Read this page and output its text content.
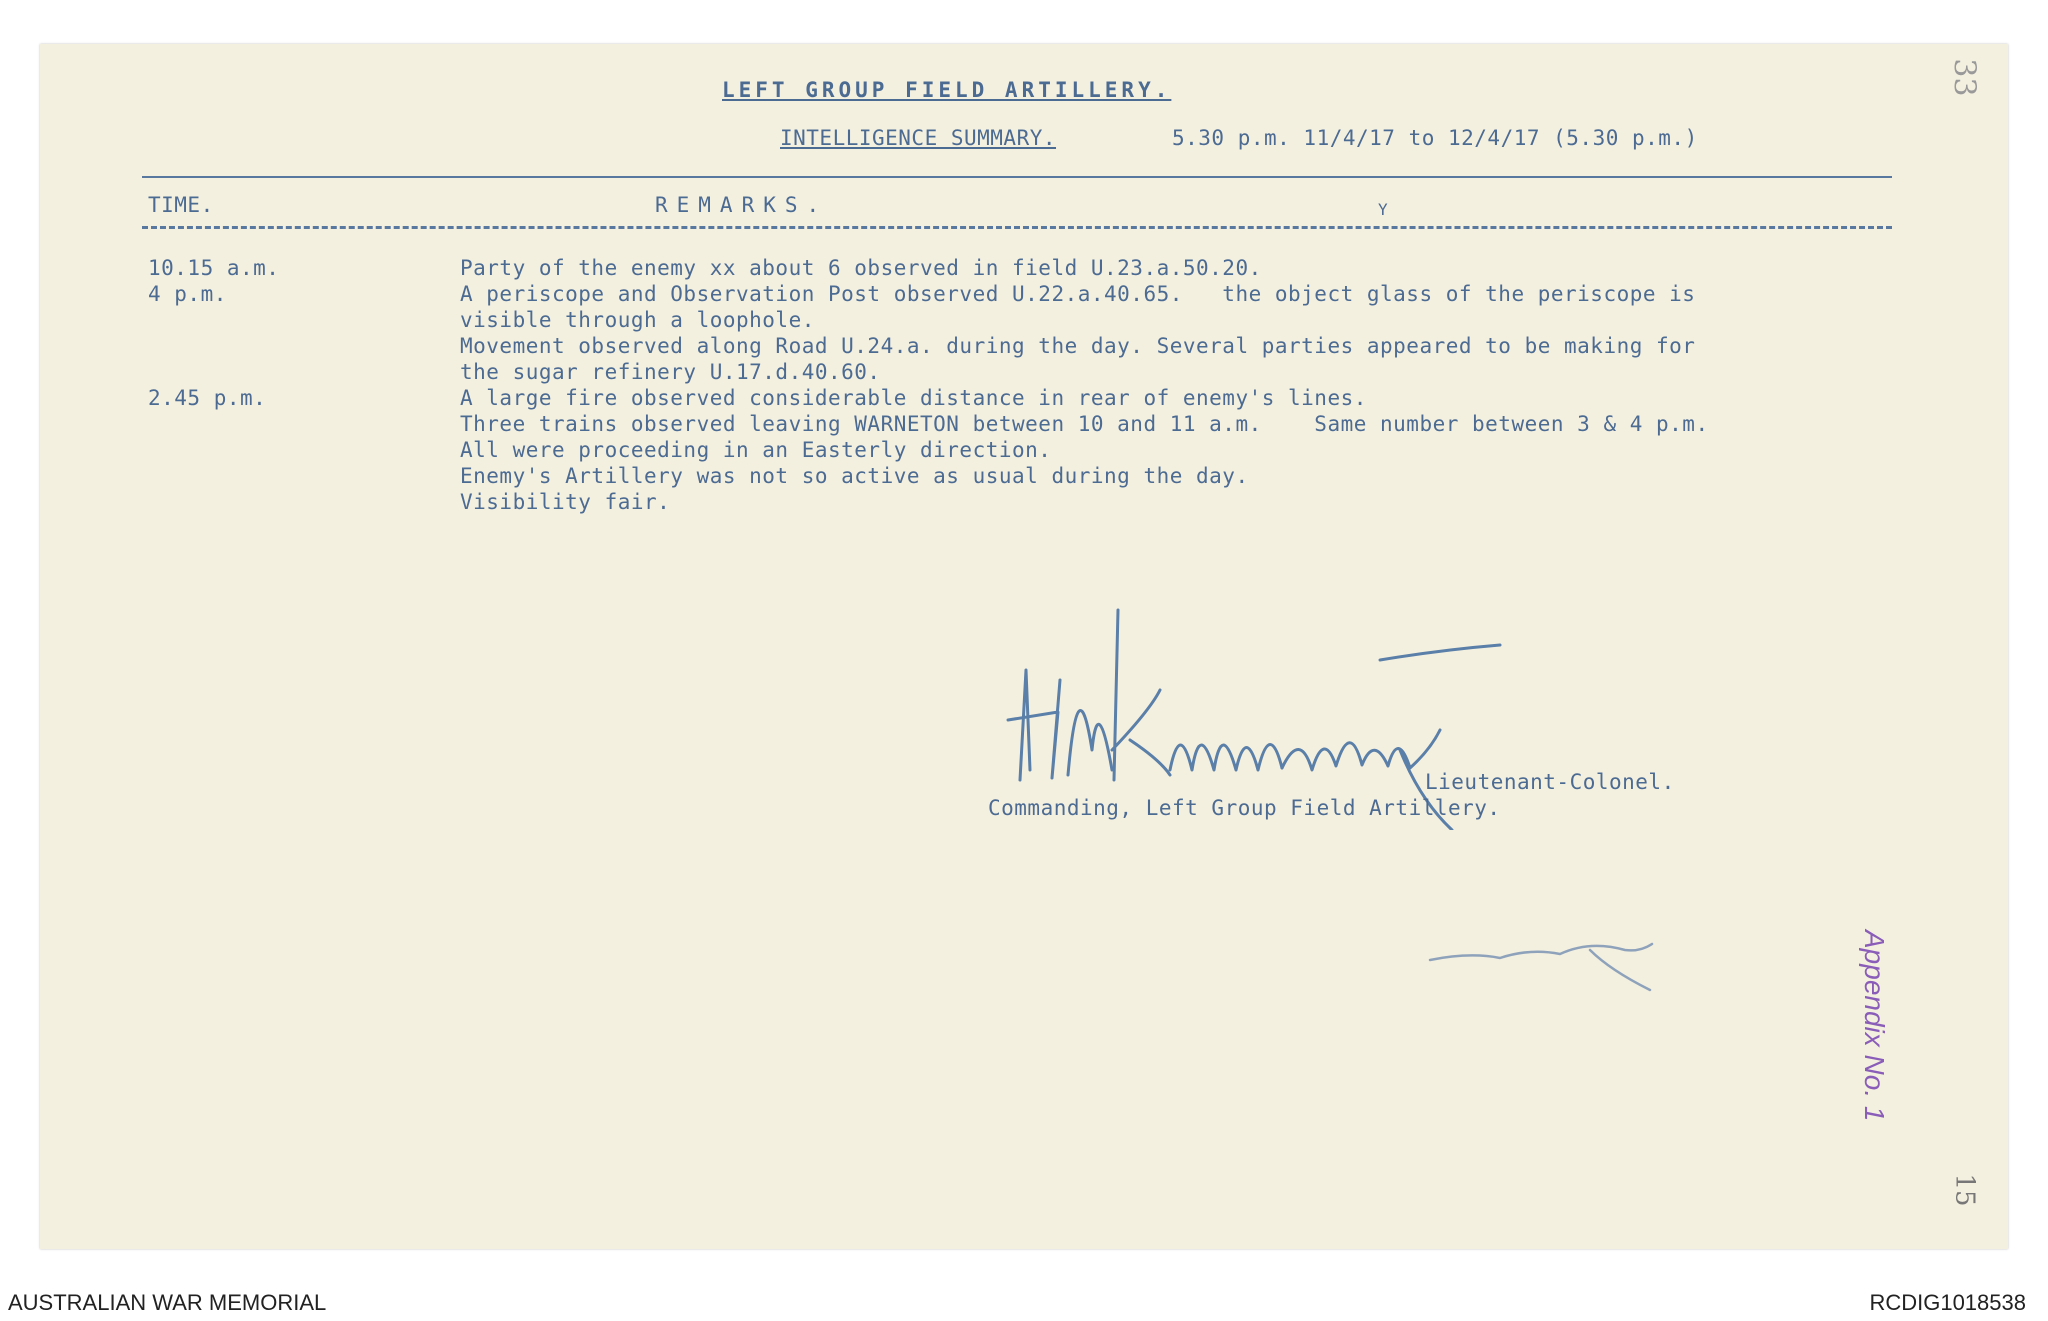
LEFT GROUP FIELD ARTILLERY.
INTELLIGENCE SUMMARY.	5.30 p.m. 11/4/17 to 12/4/17 (5.30 p.m.)
TIME.	REMARKS.	Y
10.15 a.m.	Party of the enemy xx about 6 observed in field U.23.a.50.20.
4 p.m.	A periscope and Observation Post observed U.22.a.40.65.   the object glass of the periscope is
visible through a loophole.
Movement observed along Road U.24.a. during the day. Several parties appeared to be making for
the sugar refinery U.17.d.40.60.
2.45 p.m.	A large fire observed considerable distance in rear of enemy's lines.
Three trains observed leaving WARNETON between 10 and 11 a.m.    Same number between 3 & 4 p.m.
All were proceeding in an Easterly direction.
Enemy's Artillery was not so active as usual during the day.
Visibility fair.
Lieutenant-Colonel.
Commanding, Left Group Field Artillery.
33
Appendix No. 1
15
AUSTRALIAN WAR MEMORIAL	RCDIG1018538
